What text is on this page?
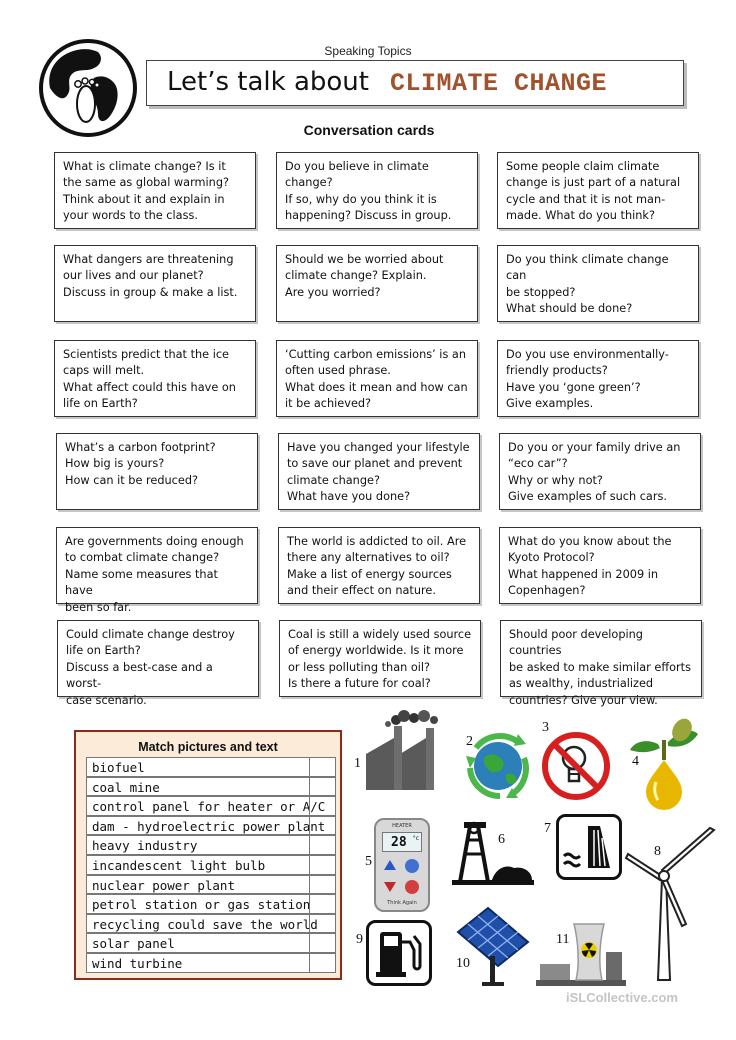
Speaking Topics
Let’s talk about CLIMATE CHANGE
Conversation cards

What is climate change? Is it
the same as global warming?
Think about it and explain in
your words to the class.

Do you believe in climate
change?
If so, why do you think it is
happening? Discuss in group.

Some people claim climate
change is just part of a natural
cycle and that it is not man-
made. What do you think?

What dangers are threatening
our lives and our planet?
Discuss in group & make a list.

Should we be worried about
climate change? Explain.
Are you worried?

Do you think climate change can
be stopped?
What should be done?

Scientists predict that the ice
caps will melt.
What affect could this have on
life on Earth?

‘Cutting carbon emissions’ is an
often used phrase.
What does it mean and how can
it be achieved?

Do you use environmentally-
friendly products?
Have you ‘gone green’?
Give examples.

What’s a carbon footprint?
How big is yours?
How can it be reduced?

Have you changed your lifestyle
to save our planet and prevent
climate change?
What have you done?

Do you or your family drive an
“eco car”?
Why or why not?
Give examples of such cars.

Are governments doing enough
to combat climate change?
Name some measures that have
been so far.

The world is addicted to oil. Are
there any alternatives to oil?
Make a list of energy sources
and their effect on nature.

What do you know about the
Kyoto Protocol?
What happened in 2009 in
Copenhagen?

Could climate change destroy
life on Earth?
Discuss a best-case and a worst-
case scenario.

Coal is still a widely used source
of energy worldwide. Is it more
or less polluting than oil?
Is there a future for coal?

Should poor developing countries
be asked to make similar efforts
as wealthy, industrialized
countries? Give your view.

Match pictures and text
biofuel
coal mine
control panel for heater or A/C
dam - hydroelectric power plant
heavy industry
incandescent light bulb
nuclear power plant
petrol station or gas station
recycling could save the world
solar panel
wind turbine
1
2
3
4
5
HEATER
28 °c
Think Again
6
7
8
9
10
11
iSLCollective.com
